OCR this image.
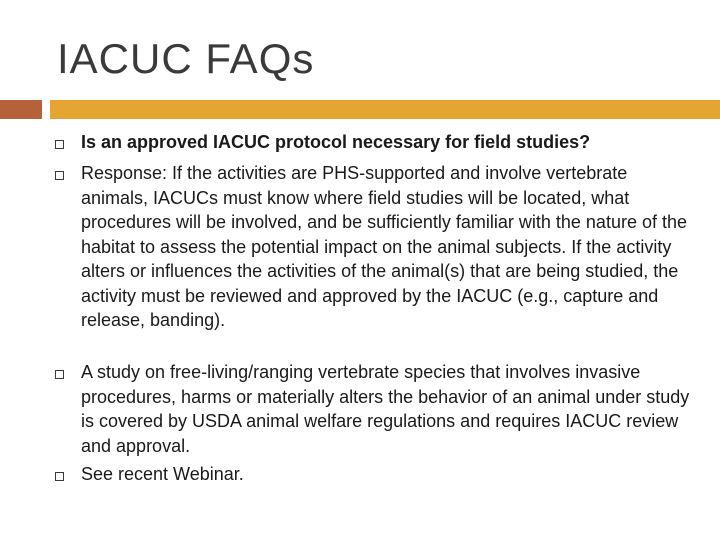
IACUC FAQs
Is an approved IACUC protocol necessary for field studies?
Response: If the activities are PHS-supported and involve vertebrate animals, IACUCs must know where field studies will be located, what procedures will be involved, and be sufficiently familiar with the nature of the habitat to assess the potential impact on the animal subjects. If the activity alters or influences the activities of the animal(s) that are being studied, the activity must be reviewed and approved by the IACUC (e.g., capture and release, banding).
A study on free-living/ranging vertebrate species that involves invasive procedures, harms or materially alters the behavior of an animal under study is covered by USDA animal welfare regulations and requires IACUC review and approval.
See recent Webinar.
